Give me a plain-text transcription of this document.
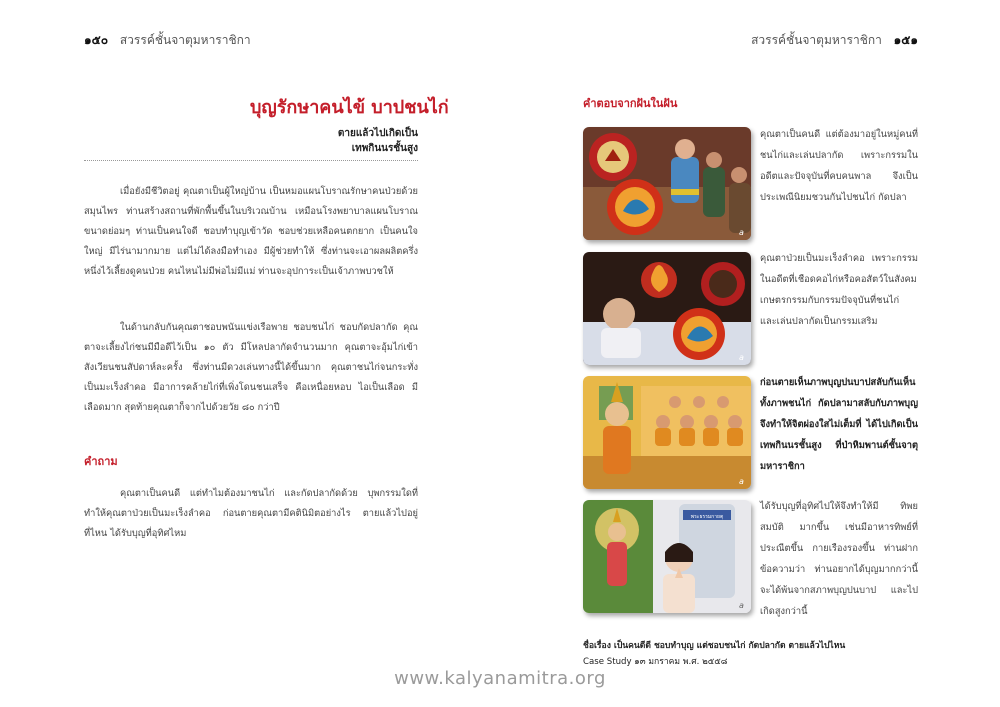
๑๕๐ สวรรค์ชั้นจาตุมหาราชิกา	สวรรค์ชั้นจาตุมหาราชิกา ๑๕๑
บุญรักษาคนไข้ บาปชนไก่
ตายแล้วไปเกิดเป็น
เทพกินนรชั้นสูง

เมื่อยังมีชีวิตอยู่ คุณตาเป็นผู้ใหญ่บ้าน เป็นหมอแผนโบราณรักษาคนป่วยด้วยสมุนไพร ท่านสร้างสถานที่พักพื้นขึ้นในบริเวณบ้าน เหมือนโรงพยาบาลแผนโบราณขนาดย่อมๆ ท่านเป็นคนใจดี ชอบทำบุญเข้าวัด ชอบช่วยเหลือคนตกยาก เป็นคนใจใหญ่ มีไร่นามากมาย แต่ไม่ได้ลงมือทำเอง มีผู้ช่วยทำให้ ซึ่งท่านจะเอาผลผลิตครึ่งหนึ่งไว้เลี้ยงดูคนป่วย คนไหนไม่มีพ่อไม่มีแม่ ท่านจะอุปการะเป็นเจ้าภาพบวชให้

ในด้านกลับกันคุณตาชอบพนันแข่งเรือพาย ชอบชนไก่ ชอบกัดปลากัด คุณตาจะเลี้ยงไก่ชนมีมือดีไว้เป็น ๑๐ ตัว มีโหลปลากัดจำนวนมาก คุณตาจะอุ้มไก่เข้าสังเวียนชนสัปดาห์ละครั้ง ซึ่งท่านมีดวงเล่นทางนี้ได้ขึ้นมาก คุณตาชนไก่จนกระทั่งเป็นมะเร็งลำคอ มีอาการคล้ายไก่ที่เพิ่งโดนชนเสร็จ คือเหนื่อยหอบ ไอเป็นเลือด มีเลือดมาก สุดท้ายคุณตาก็จากไปด้วยวัย ๘๐ กว่าปี

คำถาม

คุณตาเป็นคนดี แต่ทำไมต้องมาชนไก่ และกัดปลากัดด้วย บุพกรรมใดที่ทำให้คุณตาป่วยเป็นมะเร็งลำคอ ก่อนตายคุณตามีคตินิมิตอย่างไร ตายแล้วไปอยู่ที่ไหน ได้รับบุญที่อุทิศไหม

คำตอบจากฝันในฝัน
a
คุณตาเป็นคนดี แต่ต้องมาอยู่ในหมู่คนที่ชนไก่และเล่นปลากัด เพราะกรรมในอดีตและปัจจุบันที่คบคนพาล จึงเป็นประเพณีนิยมชวนกันไปชนไก่ กัดปลา
a
คุณตาป่วยเป็นมะเร็งลำคอ เพราะกรรมในอดีตที่เชือดคอไก่หรือคอสัตว์ในสังคมเกษตรกรรมกับกรรมปัจจุบันที่ชนไก่ และเล่นปลากัดเป็นกรรมเสริม
a
ก่อนตายเห็นภาพบุญปนบาปสลับกันเห็นทั้งภาพชนไก่ กัดปลามาสลับกับภาพบุญ จึงทำให้จิตผ่องใสไม่เต็มที่ ได้ไปเกิดเป็นเทพกินนรชั้นสูง ที่ป่าหิมพานต์ชั้นจาตุมหาราชิกา
พระธรรมกายตุ
a
ได้รับบุญที่อุทิศไปให้จึงทำให้มี ทิพยสมบัติ มากขึ้น เช่นมีอาหารทิพย์ที่ประณีตขึ้น กายเรืองรองขึ้น ท่านฝากข้อความว่า ท่านอยากได้บุญมากกว่านี้จะได้พ้นจากสภาพบุญปนบาป และไปเกิดสูงกว่านี้
ชื่อเรื่อง เป็นคนดีดี ชอบทำบุญ แต่ชอบชนไก่ กัดปลากัด ตายแล้วไปไหน
Case Study ๑๓ มกราคม พ.ศ. ๒๕๕๘
www.kalyanamitra.org
